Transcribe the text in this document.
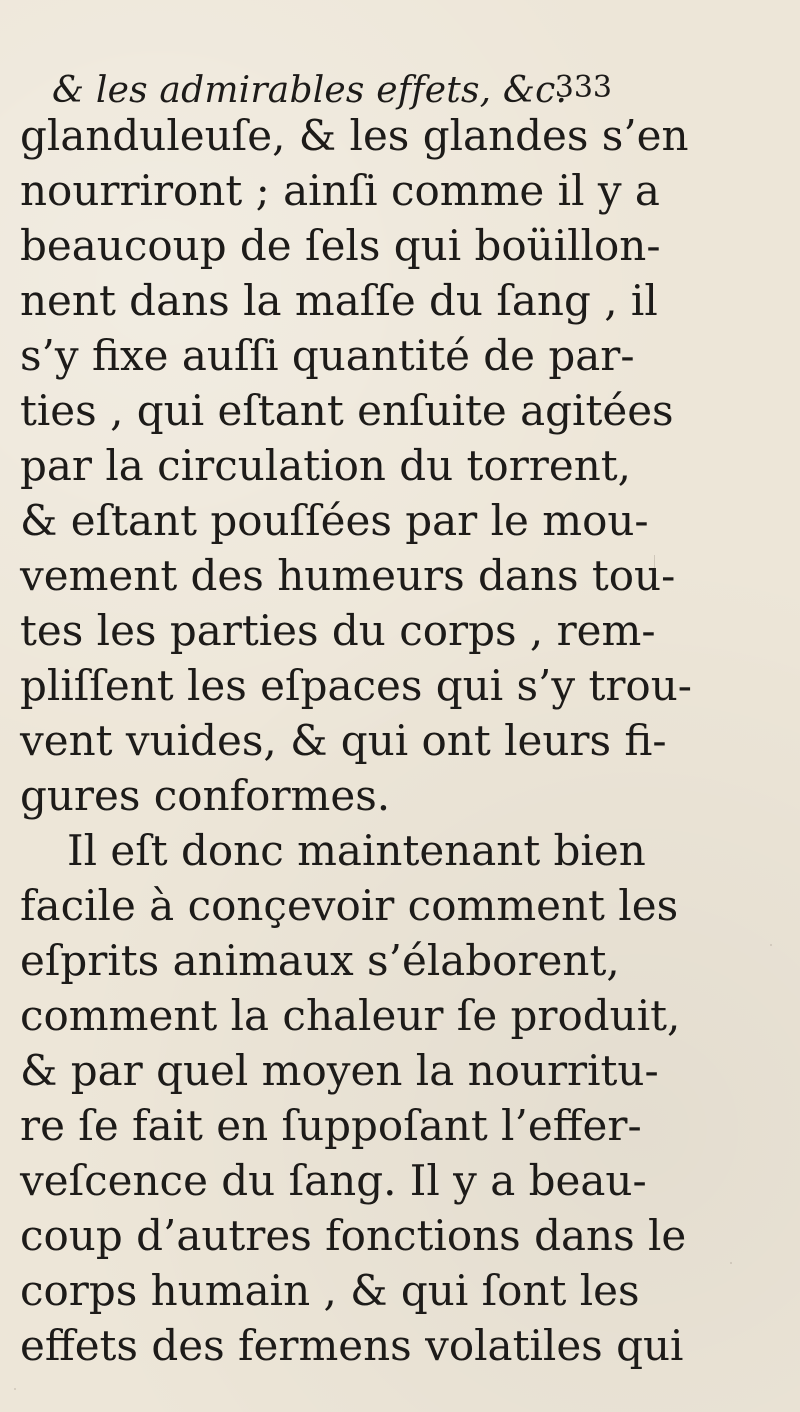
& les admirables effets, &c.
333
glanduleuſe, & les glandes s’en
nourriront ; ainſi comme il y a
beaucoup de ſels qui boüillon-
nent dans la maſſe du ſang , il
s’y fixe auſſi quantité de par-
ties , qui eſtant enſuite agitées
par la circulation du torrent,
& eſtant pouſſées par le mou-
vement des humeurs dans tou-
tes les parties du corps , rem-
pliſſent les eſpaces qui s’y trou-
vent vuides, & qui ont leurs fi-
gures conformes.
Il eſt donc maintenant bien
facile à conçevoir comment les
eſprits animaux s’élaborent,
comment la chaleur ſe produit,
& par quel moyen la nourritu-
re ſe fait en ſuppoſant l’effer-
veſcence du ſang. Il y a beau-
coup d’autres fonctions dans le
corps humain , & qui ſont les
effets des fermens volatiles qui
